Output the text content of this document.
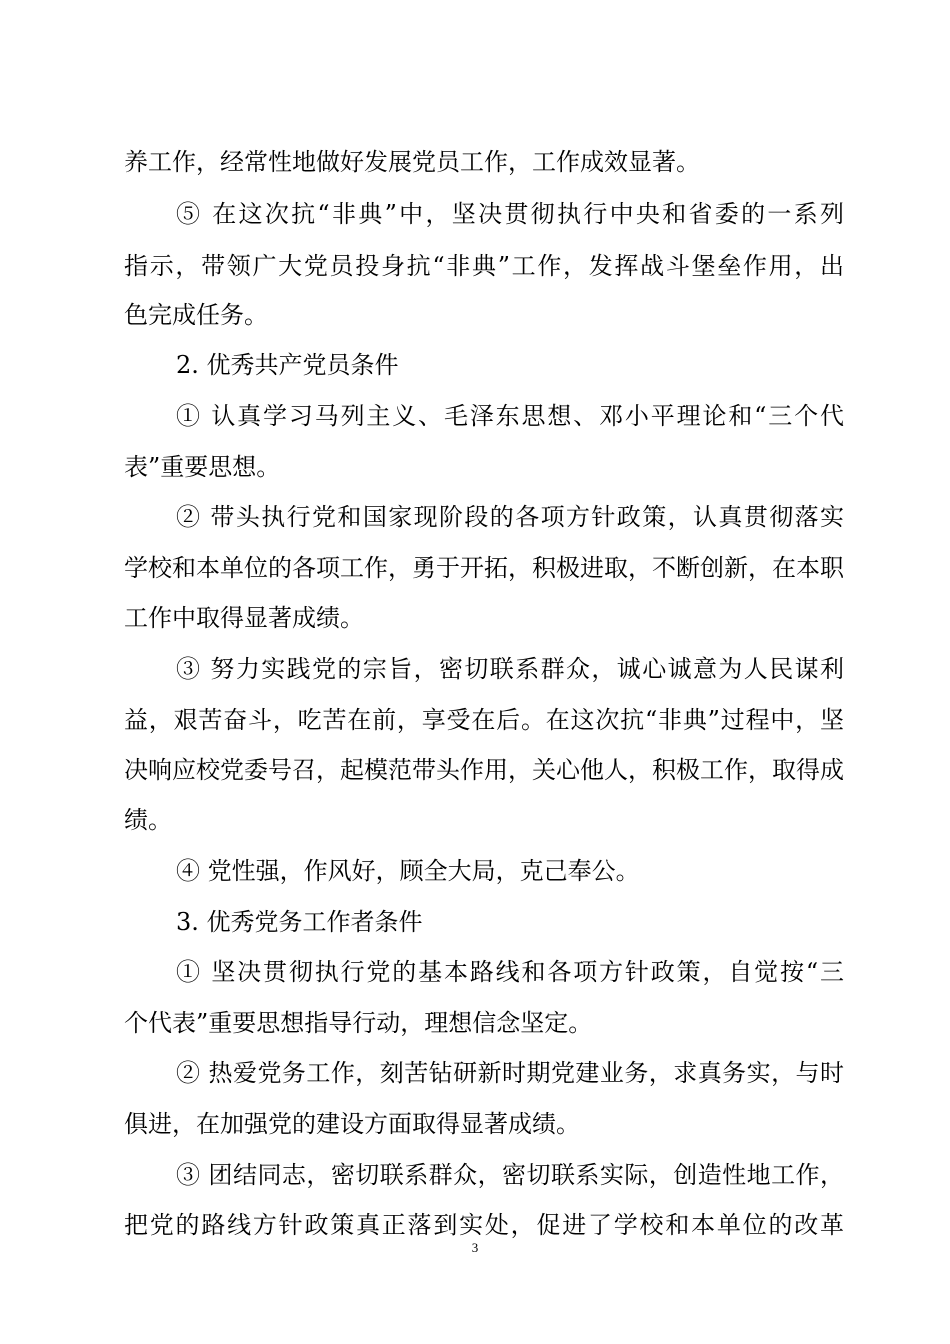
养工作，经常性地做好发展党员工作，工作成效显著。
⑤ 在这次抗“非典”中，坚决贯彻执行中央和省委的一系列
指示，带领广大党员投身抗“非典”工作，发挥战斗堡垒作用，出
色完成任务。
2. 优秀共产党员条件
① 认真学习马列主义、毛泽东思想、邓小平理论和“三个代
表”重要思想。
② 带头执行党和国家现阶段的各项方针政策，认真贯彻落实
学校和本单位的各项工作，勇于开拓，积极进取，不断创新，在本职
工作中取得显著成绩。
③ 努力实践党的宗旨，密切联系群众，诚心诚意为人民谋利
益，艰苦奋斗，吃苦在前，享受在后。在这次抗“非典”过程中，坚
决响应校党委号召，起模范带头作用，关心他人，积极工作，取得成
绩。
④ 党性强，作风好，顾全大局，克己奉公。
3. 优秀党务工作者条件
① 坚决贯彻执行党的基本路线和各项方针政策，自觉按“三
个代表”重要思想指导行动，理想信念坚定。
② 热爱党务工作，刻苦钻研新时期党建业务，求真务实，与时
俱进，在加强党的建设方面取得显著成绩。
③ 团结同志，密切联系群众，密切联系实际，创造性地工作，
把党的路线方针政策真正落到实处，促进了学校和本单位的改革
3
